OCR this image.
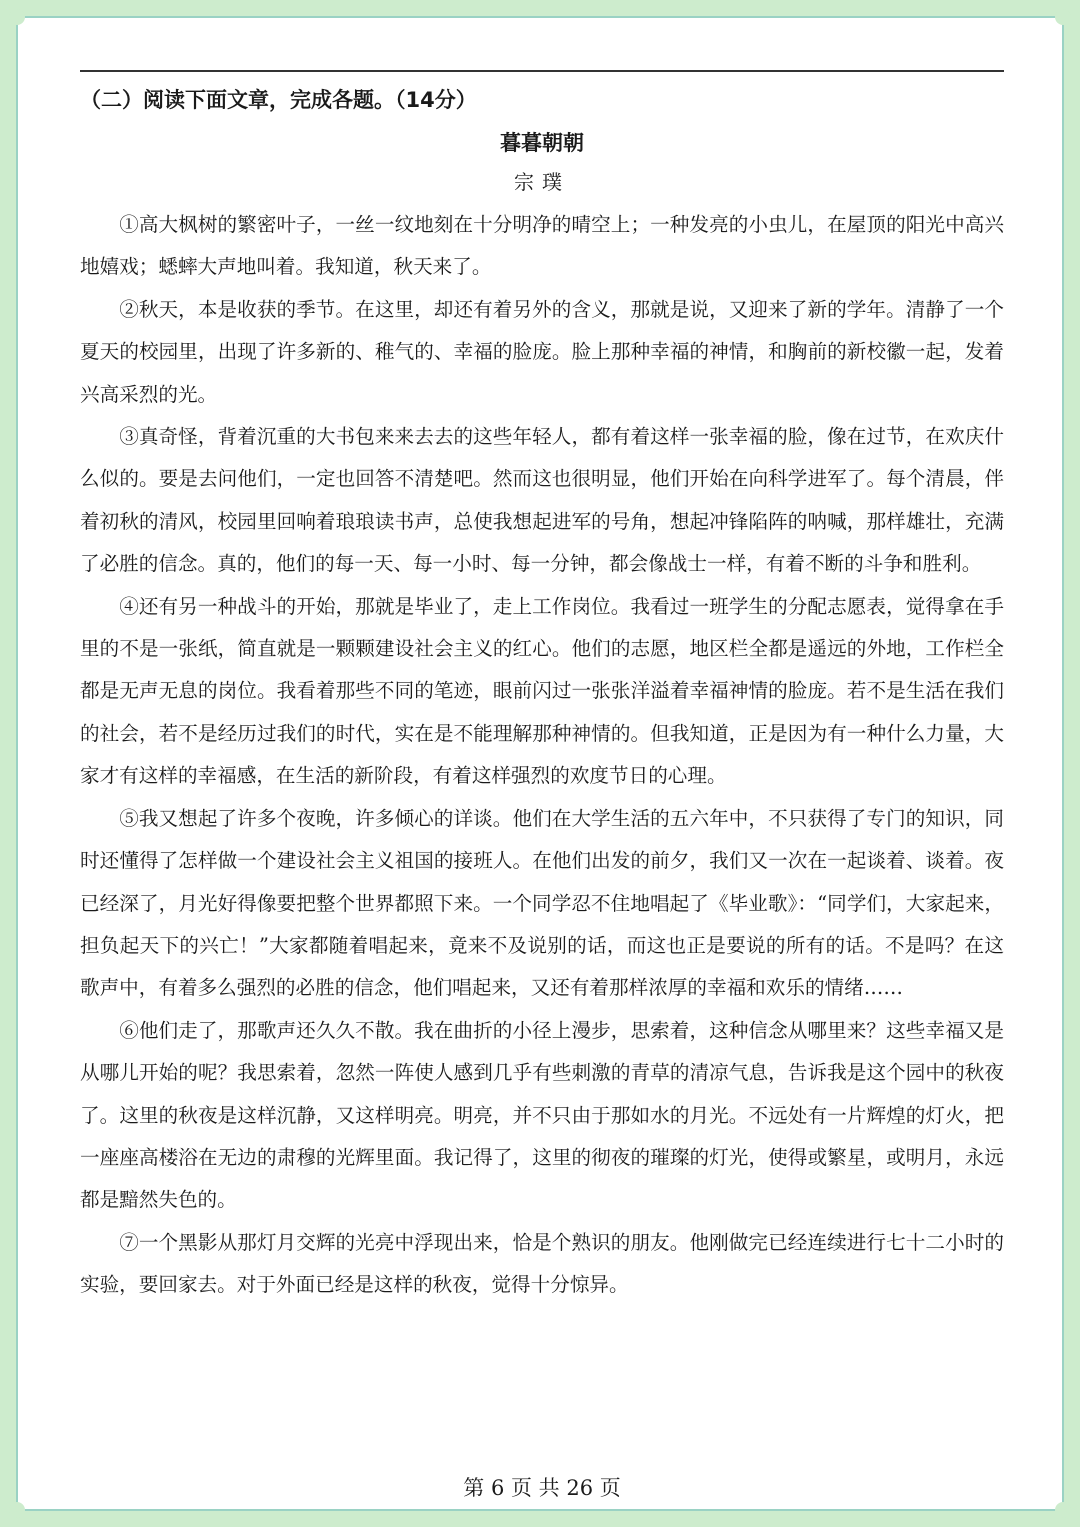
（二）阅读下面文章，完成各题。（14分）

暮暮朝朝

宗璞

①高大枫树的繁密叶子，一丝一纹地刻在十分明净的晴空上；一种发亮的小虫儿，在屋顶的阳光中高兴地嬉戏；蟋蟀大声地叫着。我知道，秋天来了。

②秋天，本是收获的季节。在这里，却还有着另外的含义，那就是说，又迎来了新的学年。清静了一个夏天的校园里，出现了许多新的、稚气的、幸福的脸庞。脸上那种幸福的神情，和胸前的新校徽一起，发着兴高采烈的光。

③真奇怪，背着沉重的大书包来来去去的这些年轻人，都有着这样一张幸福的脸，像在过节，在欢庆什么似的。要是去问他们，一定也回答不清楚吧。然而这也很明显，他们开始在向科学进军了。每个清晨，伴着初秋的清风，校园里回响着琅琅读书声，总使我想起进军的号角，想起冲锋陷阵的呐喊，那样雄壮，充满了必胜的信念。真的，他们的每一天、每一小时、每一分钟，都会像战士一样，有着不断的斗争和胜利。

④还有另一种战斗的开始，那就是毕业了，走上工作岗位。我看过一班学生的分配志愿表，觉得拿在手里的不是一张纸，简直就是一颗颗建设社会主义的红心。他们的志愿，地区栏全都是遥远的外地，工作栏全都是无声无息的岗位。我看着那些不同的笔迹，眼前闪过一张张洋溢着幸福神情的脸庞。若不是生活在我们的社会，若不是经历过我们的时代，实在是不能理解那种神情的。但我知道，正是因为有一种什么力量，大家才有这样的幸福感，在生活的新阶段，有着这样强烈的欢度节日的心理。

⑤我又想起了许多个夜晚，许多倾心的详谈。他们在大学生活的五六年中，不只获得了专门的知识，同时还懂得了怎样做一个建设社会主义祖国的接班人。在他们出发的前夕，我们又一次在一起谈着、谈着。夜已经深了，月光好得像要把整个世界都照下来。一个同学忍不住地唱起了《毕业歌》：“同学们，大家起来，担负起天下的兴亡！”大家都随着唱起来，竟来不及说别的话，而这也正是要说的所有的话。不是吗？在这歌声中，有着多么强烈的必胜的信念，他们唱起来，又还有着那样浓厚的幸福和欢乐的情绪……

⑥他们走了，那歌声还久久不散。我在曲折的小径上漫步，思索着，这种信念从哪里来？这些幸福又是从哪儿开始的呢？我思索着，忽然一阵使人感到几乎有些刺激的青草的清凉气息，告诉我是这个园中的秋夜了。这里的秋夜是这样沉静，又这样明亮。明亮，并不只由于那如水的月光。不远处有一片辉煌的灯火，把一座座高楼浴在无边的肃穆的光辉里面。我记得了，这里的彻夜的璀璨的灯光，使得或繁星，或明月，永远都是黯然失色的。

⑦一个黑影从那灯月交辉的光亮中浮现出来，恰是个熟识的朋友。他刚做完已经连续进行七十二小时的实验，要回家去。对于外面已经是这样的秋夜，觉得十分惊异。

第 6 页 共 26 页
